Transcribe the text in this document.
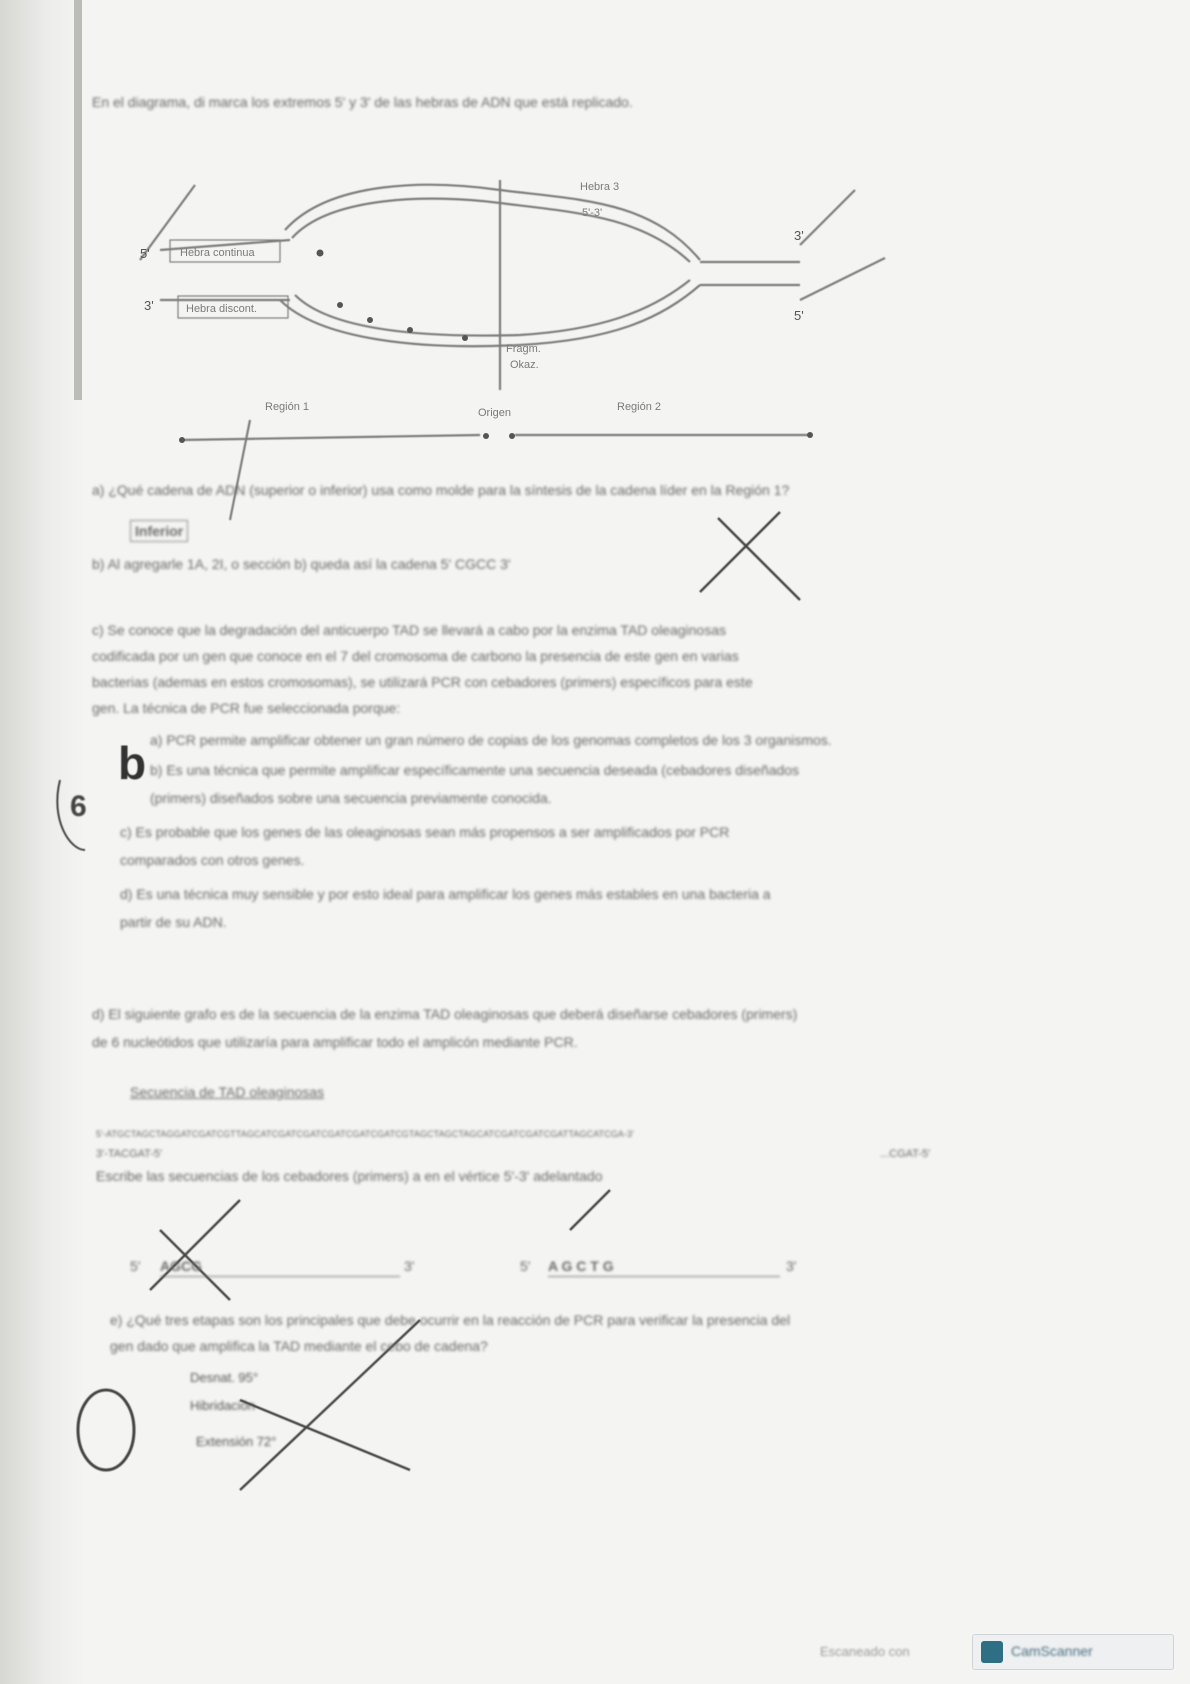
En el diagrama, di marca los extremos 5' y 3' de las hebras de ADN que está replicado.
Hebra continua
Hebra discont.
Hebra 3
5'-3'
Fragm.
Okaz.
Origen
Región 1	Región 2
5'
3'
3'
5'
a) ¿Qué cadena de ADN (superior o inferior) usa como molde para la síntesis de la cadena líder en la Región 1?
Inferior
b) Al agregarle 1A, 2I, o sección b) queda así la cadena 5' CGCC 3'
c) Se conoce que la degradación del anticuerpo TAD se llevará a cabo por la enzima TAD oleaginosas
codificada por un gen que conoce en el 7 del cromosoma de carbono la presencia de este gen en varias
bacterias (ademas en estos cromosomas), se utilizará PCR con cebadores (primers) específicos para este
gen. La técnica de PCR fue seleccionada porque:
a) PCR permite amplificar obtener un gran número de copias de los genomas completos de los 3 organismos.
b) Es una técnica que permite amplificar específicamente una secuencia deseada (cebadores diseñados
(primers) diseñados sobre una secuencia previamente conocida.
c) Es probable que los genes de las oleaginosas sean más propensos a ser amplificados por PCR
comparados con otros genes.
d) Es una técnica muy sensible y por esto ideal para amplificar los genes más estables en una bacteria a
partir de su ADN.
b
6
d) El siguiente grafo es de la secuencia de la enzima TAD oleaginosas que deberá diseñarse cebadores (primers)
de 6 nucleótidos que utilizaría para amplificar todo el amplicón mediante PCR.
Secuencia de TAD oleaginosas
5'-ATGCTAGCTAGGATCGATCGTTAGCATCGATCGATCGATCGATCGATCGTAGCTAGCTAGCATCGATCGATCGATTAGCATCGA-3'
3'-TACGAT-5'	...CGAT-5'
Escribe las secuencias de los cebadores (primers) a en el vértice 5'-3' adelantado
5' AGCG	3'	5' A G C T G	3'
e) ¿Qué tres etapas son los principales que debe ocurrir en la reacción de PCR para verificar la presencia del
gen dado que amplifica la TAD mediante el cebo de cadena?
Desnat. 95°
Hibridación
Extensión 72°
Escaneado con	CamScanner
